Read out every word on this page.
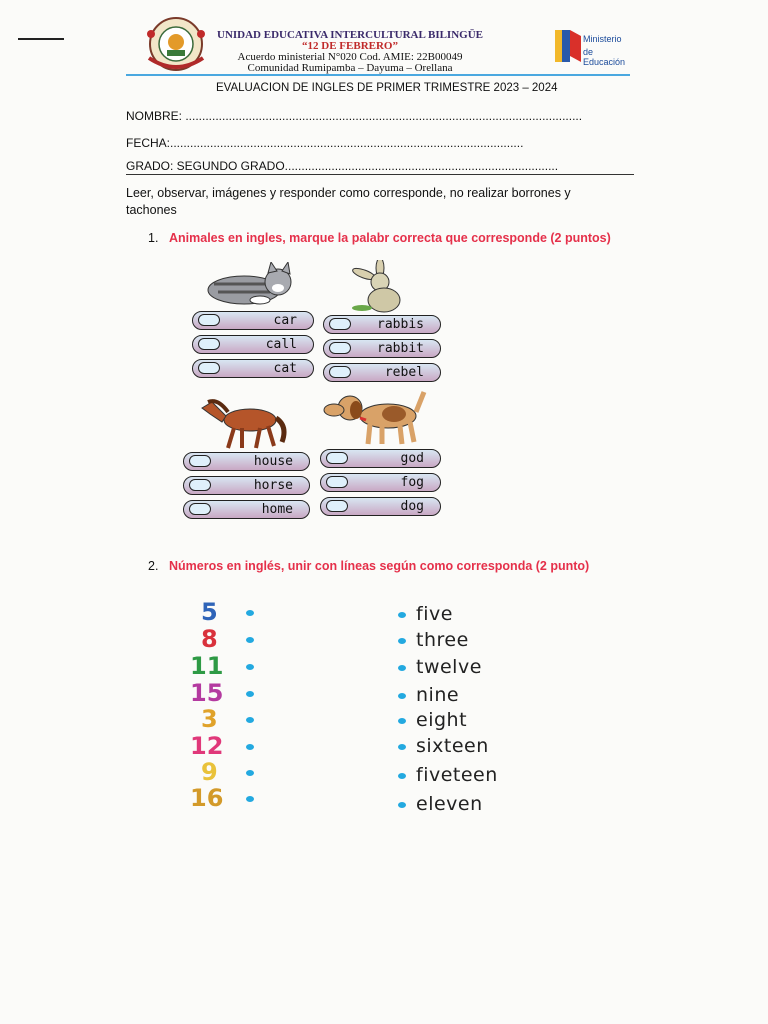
UNIDAD EDUCATIVA INTERCULTURAL BILINGÜE
“12 DE FEBRERO”
Acuerdo ministerial N°020 Cod. AMIE: 22B00049
Comunidad Rumipamba – Dayuma – Orellana
Ministerio
de Educación
EVALUACION DE INGLES DE PRIMER TRIMESTRE 2023 – 2024
NOMBRE: .......................................................................................................................
FECHA:..........................................................................................................
GRADO: SEGUNDO GRADO..................................................................................
Leer, observar, imágenes y responder como corresponde, no realizar borrones y tachones
1. Animales en ingles, marque la palabr correcta que corresponde (2 puntos)
car
call
cat
rabbis
rabbit
rebel
house
horse
home
god
fog
dog
2. Números en inglés, unir con líneas según como corresponda (2 punto)
5
8
11
15
3
12
9
16
five
three
twelve
nine
eight
sixteen
fiveteen
eleven
